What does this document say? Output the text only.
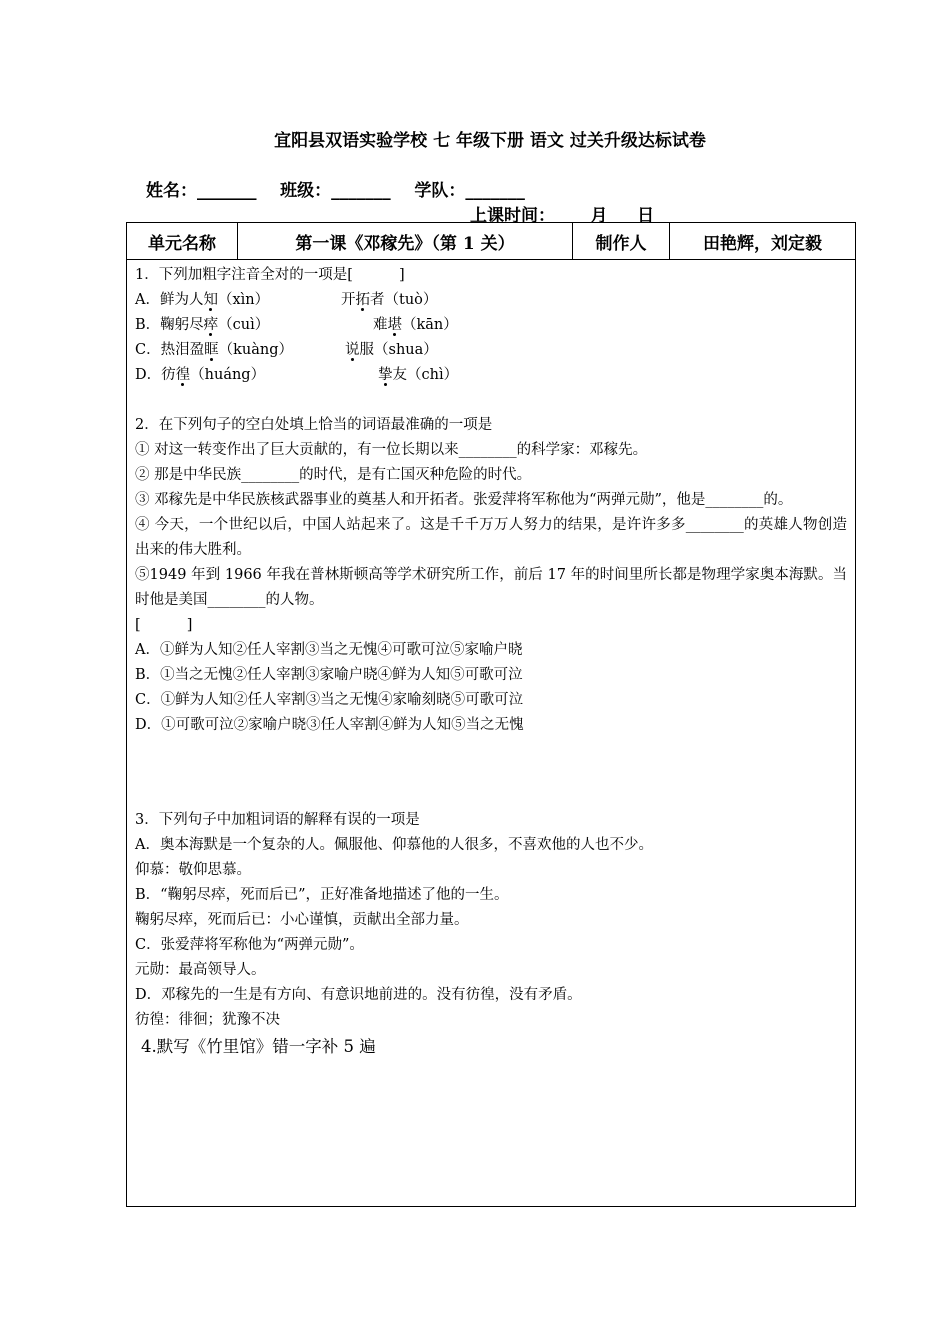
宜阳县双语实验学校 七 年级下册 语文 过关升级达标试卷
姓名：_______    班级：_______    学队：_______
上课时间：      月     日
单元名称	第一课《邓稼先》（第 1 关）	制作人	田艳辉，刘定毅
1．下列加粗字注音全对的一项是[          ]
A．鲜为人知（xìn）	开拓者（tuò）
B．鞠躬尽瘁（cuì）	难堪（kān）
C．热泪盈眶（kuàng）	说服（shua）
D．彷徨（huáng）	挚友（chì）
2．在下列句子的空白处填上恰当的词语最准确的一项是
① 对这一转变作出了巨大贡献的，有一位长期以来________的科学家：邓稼先。
② 那是中华民族________的时代，是有亡国灭种危险的时代。
③ 邓稼先是中华民族核武器事业的奠基人和开拓者。张爱萍将军称他为“两弹元勋”，他是________的。
④ 今天，一个世纪以后，中国人站起来了。这是千千万万人努力的结果，是许许多多________的英雄人物创造出来的伟大胜利。
⑤1949 年到 1966 年我在普林斯顿高等学术研究所工作，前后 17 年的时间里所长都是物理学家奥本海默。当时他是美国________的人物。
[          ]
A．①鲜为人知②任人宰割③当之无愧④可歌可泣⑤家喻户晓
B．①当之无愧②任人宰割③家喻户晓④鲜为人知⑤可歌可泣
C．①鲜为人知②任人宰割③当之无愧④家喻刻晓⑤可歌可泣
D．①可歌可泣②家喻户晓③任人宰割④鲜为人知⑤当之无愧
3．下列句子中加粗词语的解释有误的一项是
A．奥本海默是一个复杂的人。佩服他、仰慕他的人很多，不喜欢他的人也不少。
仰慕：敬仰思慕。
B．“鞠躬尽瘁，死而后已”，正好准备地描述了他的一生。
鞠躬尽瘁，死而后已：小心谨慎，贡献出全部力量。
C．张爱萍将军称他为“两弹元勋”。
元勋：最高领导人。
D．邓稼先的一生是有方向、有意识地前进的。没有彷徨，没有矛盾。
彷徨：徘徊；犹豫不决
4.默写《竹里馆》错一字补 5 遍
